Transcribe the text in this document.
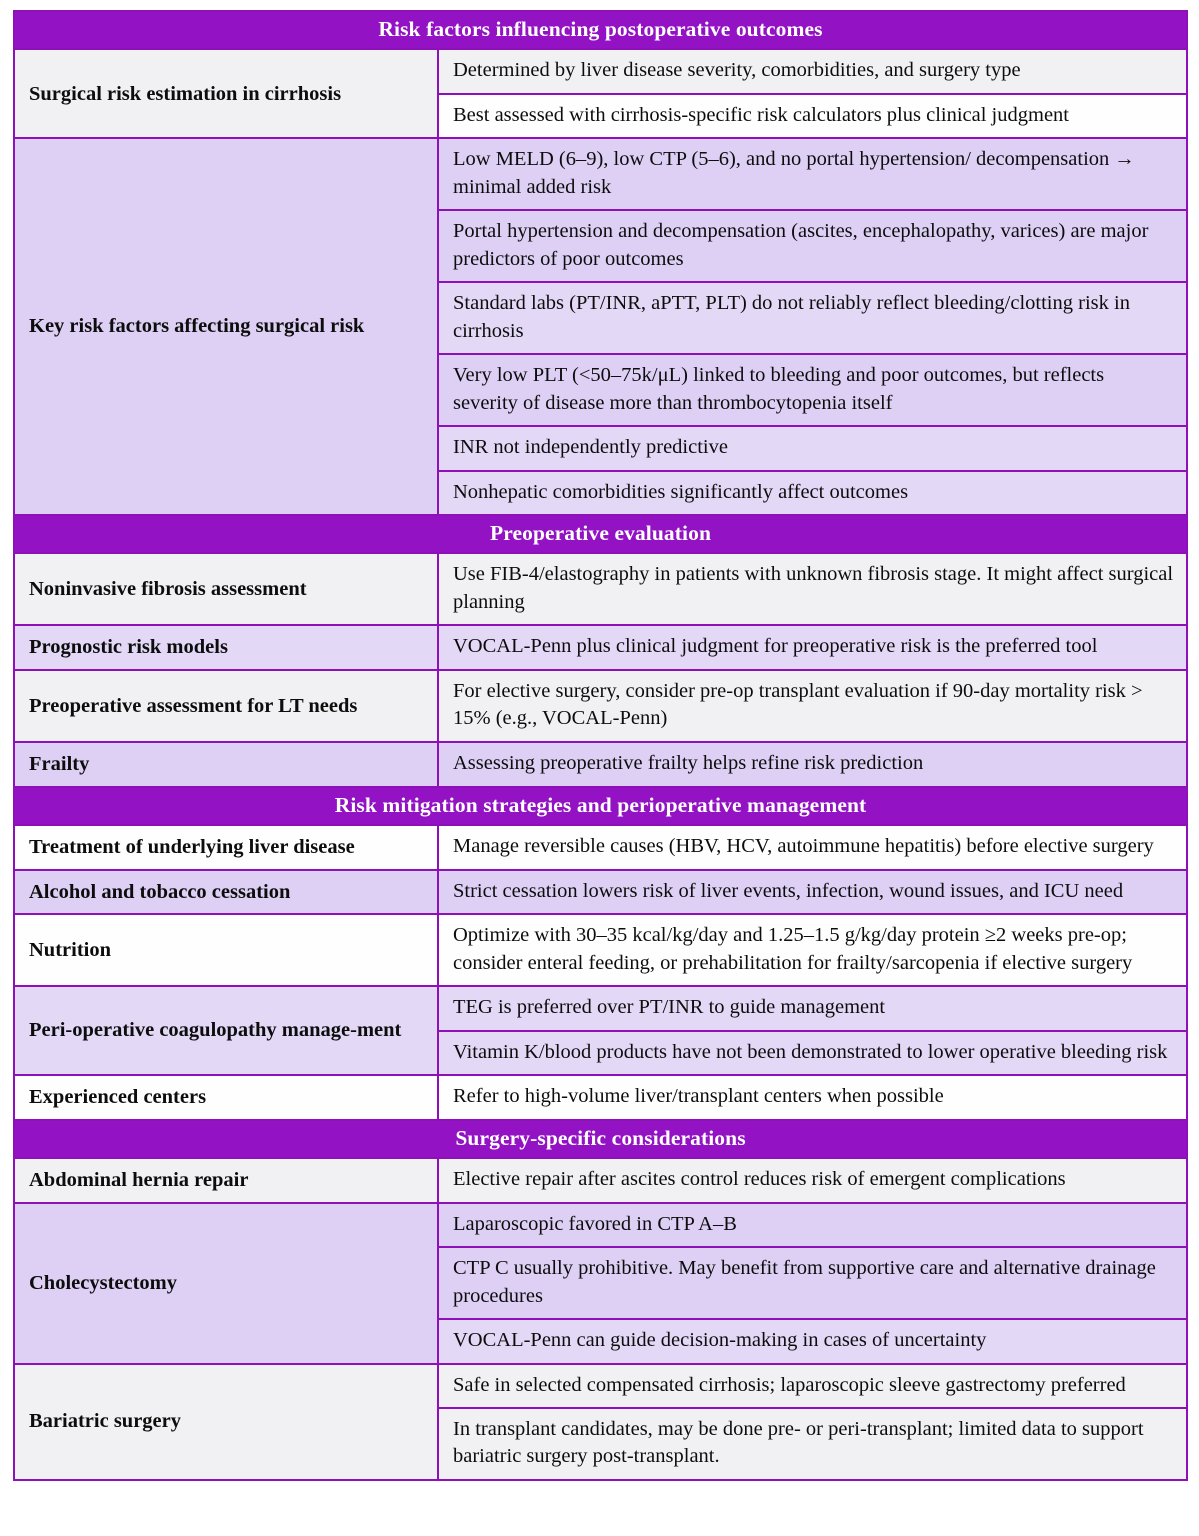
Risk factors influencing postoperative outcomes	
Surgical risk estimation in cirrhosis	Determined by liver disease severity, comorbidities, and surgery type
	Best assessed with cirrhosis-specific risk calculators plus clinical judgment
Key risk factors affecting surgical risk	Low MELD (6–9), low CTP (5–6), and no portal hypertension/ decompensation → minimal added risk
	Portal hypertension and decompensation (ascites, encephalopathy, varices) are major predictors of poor outcomes
	Standard labs (PT/INR, aPTT, PLT) do not reliably reflect bleeding/clotting risk in cirrhosis
	Very low PLT (<50–75k/μL) linked to bleeding and poor outcomes, but reflects severity of disease more than thrombocytopenia itself
	INR not independently predictive
	Nonhepatic comorbidities significantly affect outcomes
Preoperative evaluation	
Noninvasive fibrosis assessment	Use FIB-4/elastography in patients with unknown fibrosis stage. It might affect surgical planning
Prognostic risk models	VOCAL-Penn plus clinical judgment for preoperative risk is the preferred tool
Preoperative assessment for LT needs	For elective surgery, consider pre-op transplant evaluation if 90-day mortality risk > 15% (e.g., VOCAL-Penn)
Frailty	Assessing preoperative frailty helps refine risk prediction
Risk mitigation strategies and perioperative management	
Treatment of underlying liver disease	Manage reversible causes (HBV, HCV, autoimmune hepatitis) before elective surgery
Alcohol and tobacco cessation	Strict cessation lowers risk of liver events, infection, wound issues, and ICU need
Nutrition	Optimize with 30–35 kcal/kg/day and 1.25–1.5 g/kg/day protein ≥2 weeks pre-op; consider enteral feeding, or prehabilitation for frailty/sarcopenia if elective surgery
Peri-operative coagulopathy manage-ment	TEG is preferred over PT/INR to guide management
	Vitamin K/blood products have not been demonstrated to lower operative bleeding risk
Experienced centers	Refer to high-volume liver/transplant centers when possible
Surgery-specific considerations	
Abdominal hernia repair	Elective repair after ascites control reduces risk of emergent complications
Cholecystectomy	Laparoscopic favored in CTP A–B
	CTP C usually prohibitive. May benefit from supportive care and alternative drainage procedures
	VOCAL-Penn can guide decision-making in cases of uncertainty
Bariatric surgery	Safe in selected compensated cirrhosis; laparoscopic sleeve gastrectomy preferred
	In transplant candidates, may be done pre- or peri-transplant; limited data to support bariatric surgery post-transplant.
